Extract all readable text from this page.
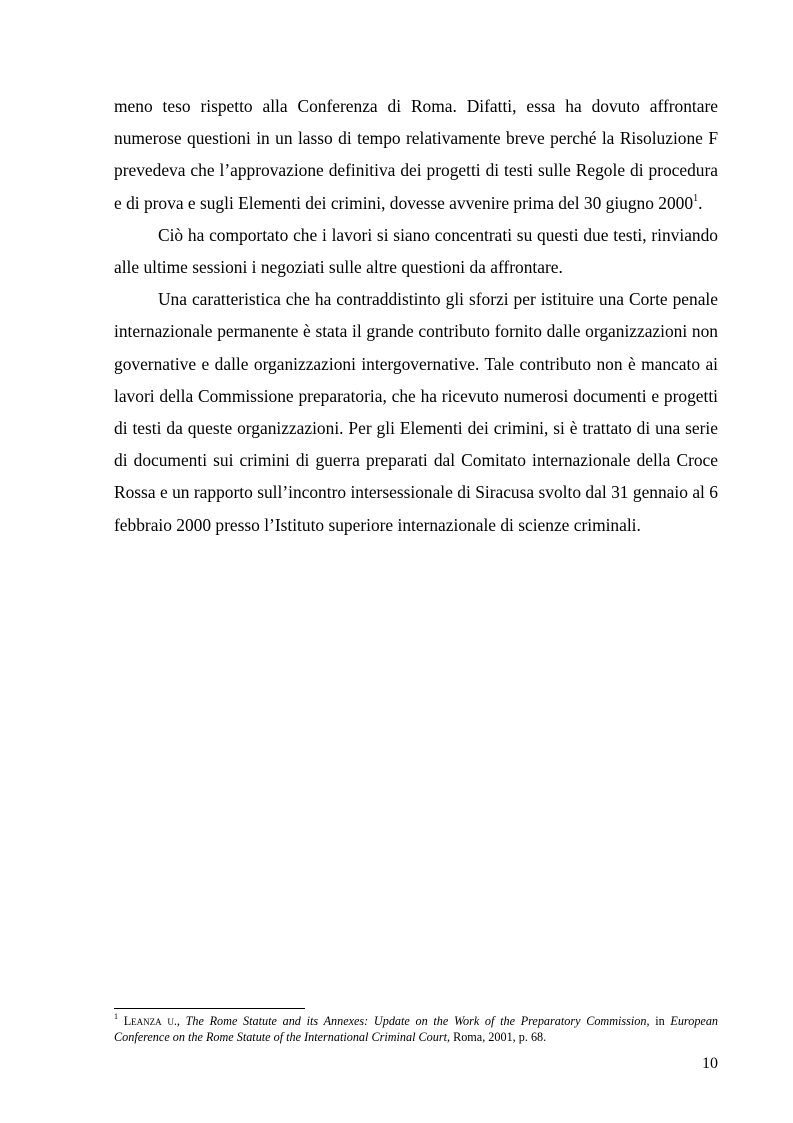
meno teso rispetto alla Conferenza di Roma. Difatti, essa ha dovuto affrontare numerose questioni in un lasso di tempo relativamente breve perché la Risoluzione F prevedeva che l’approvazione definitiva dei progetti di testi sulle Regole di procedura e di prova e sugli Elementi dei crimini, dovesse avvenire prima del 30 giugno 2000$^1$.

Ciò ha comportato che i lavori si siano concentrati su questi due testi, rinviando alle ultime sessioni i negoziati sulle altre questioni da affrontare.

Una caratteristica che ha contraddistinto gli sforzi per istituire una Corte penale internazionale permanente è stata il grande contributo fornito dalle organizzazioni non governative e dalle organizzazioni intergovernative. Tale contributo non è mancato ai lavori della Commissione preparatoria, che ha ricevuto numerosi documenti e progetti di testi da queste organizzazioni. Per gli Elementi dei crimini, si è trattato di una serie di documenti sui crimini di guerra preparati dal Comitato internazionale della Croce Rossa e un rapporto sull’incontro intersessionale di Siracusa svolto dal 31 gennaio al 6 febbraio 2000 presso l’Istituto superiore internazionale di scienze criminali.

$^1$ Leanza u., The Rome Statute and its Annexes: Update on the Work of the Preparatory Commission, in European Conference on the Rome Statute of the International Criminal Court, Roma, 2001, p. 68.
10
